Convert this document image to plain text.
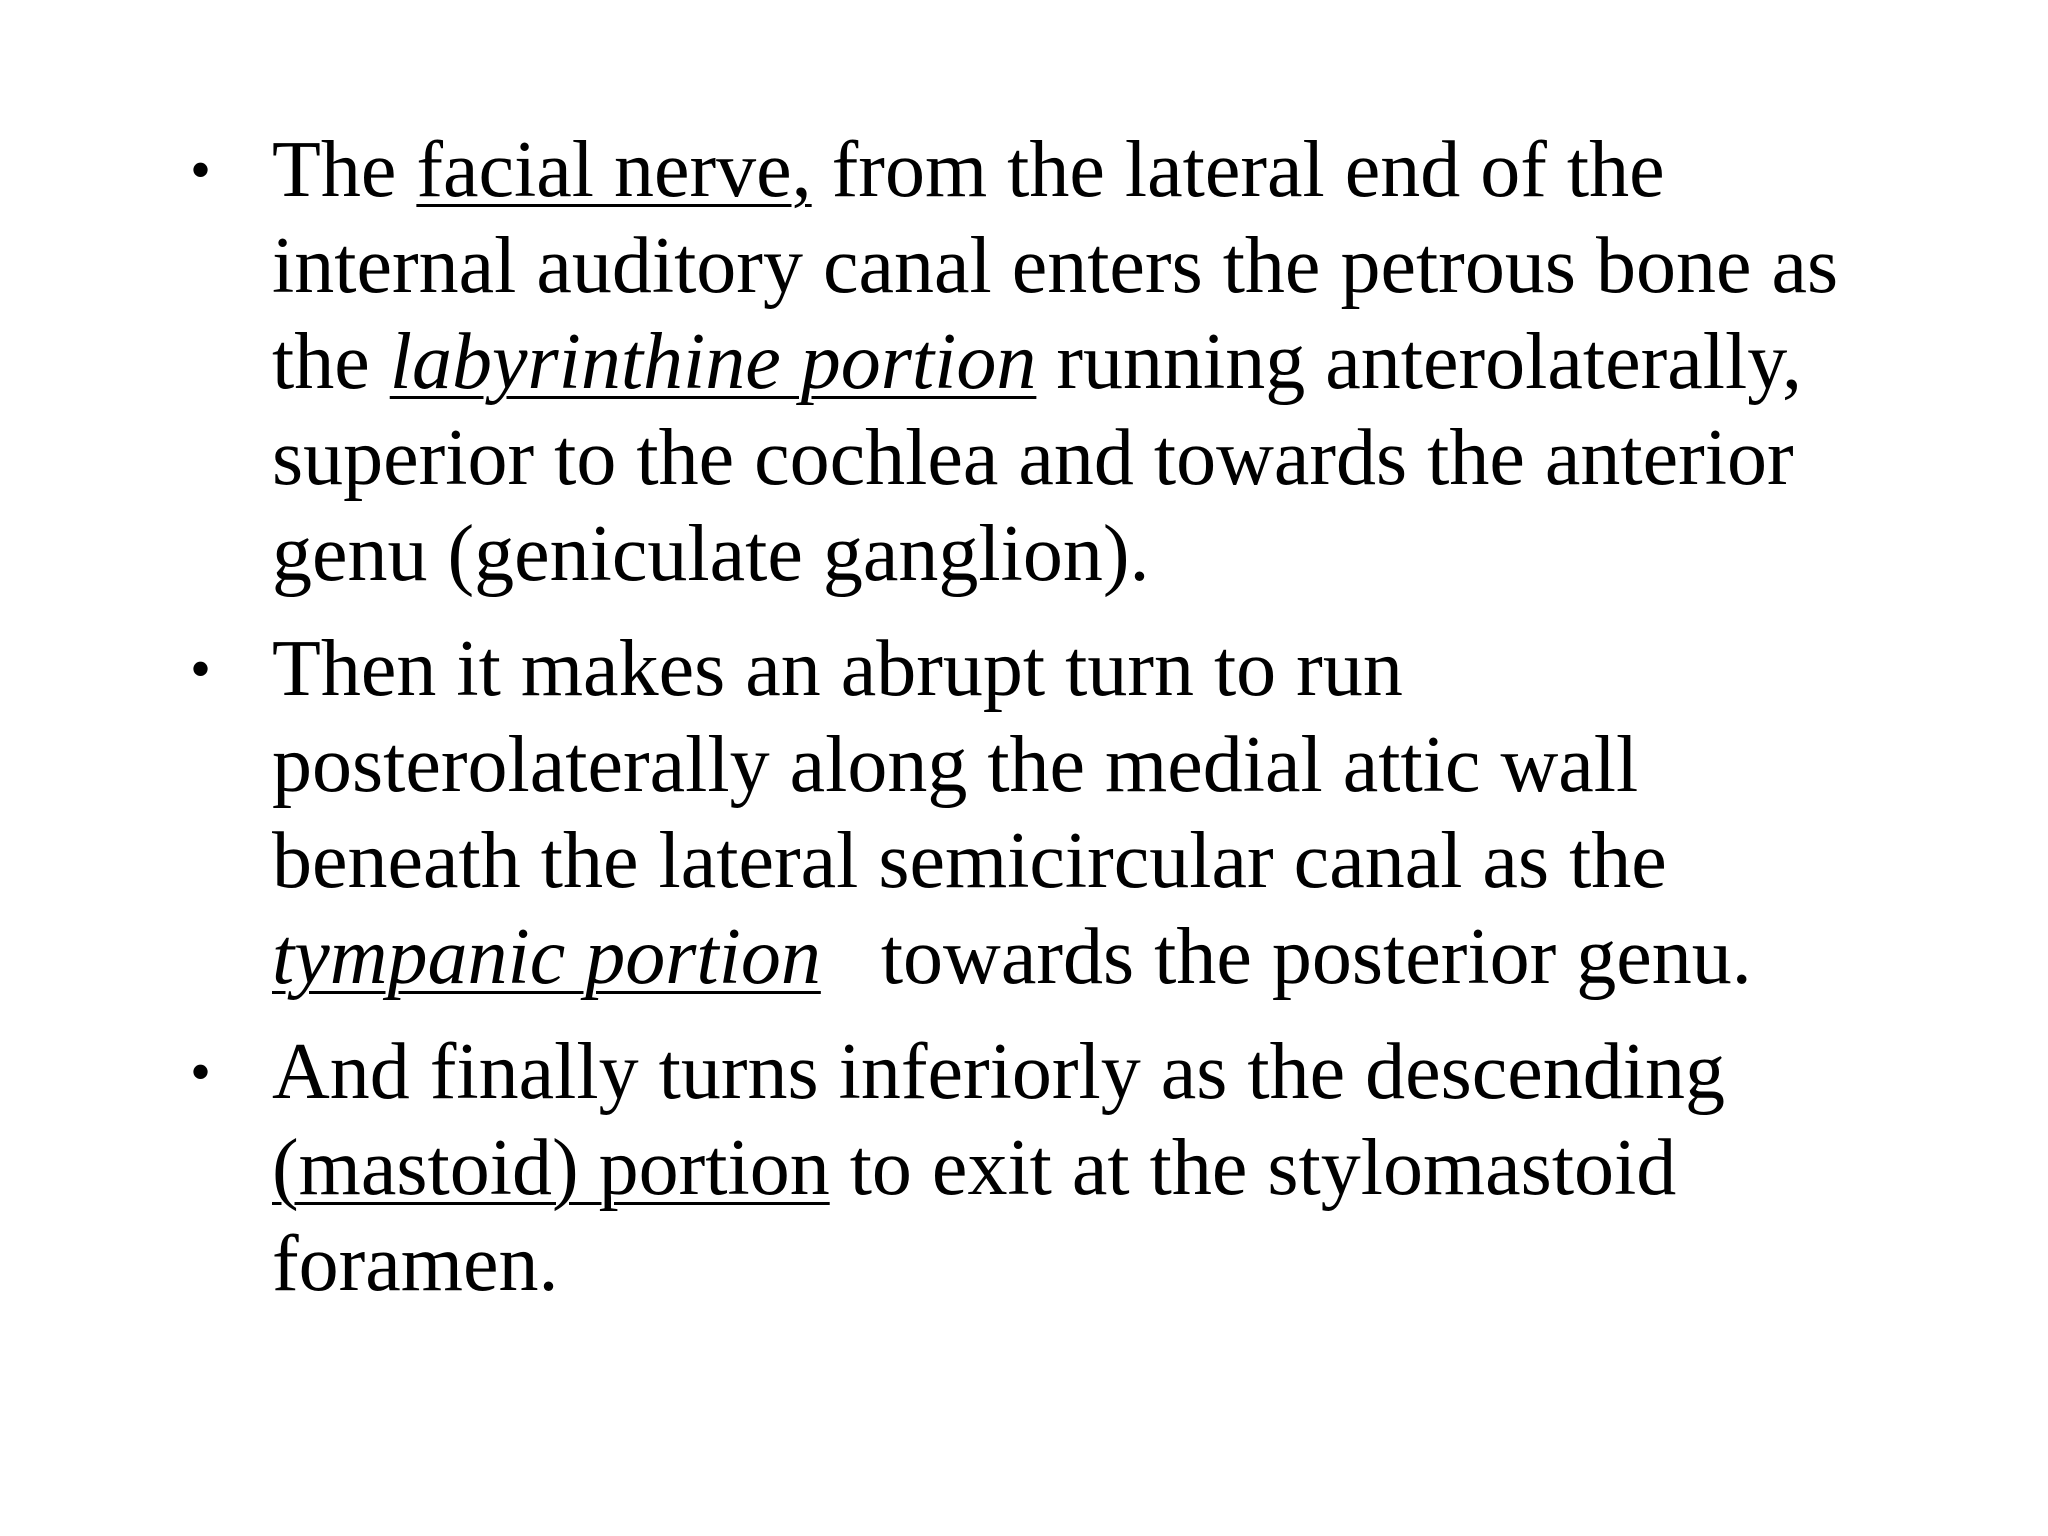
• The facial nerve, from the lateral end of the
internal auditory canal enters the petrous bone as
the labyrinthine portion running anterolaterally,
superior to the cochlea and towards the anterior
genu (geniculate ganglion).
• Then it makes an abrupt turn to run
posterolaterally along the medial attic wall
beneath the lateral semicircular canal as the
tympanic portion   towards the posterior genu.
• And finally turns inferiorly as the descending
(mastoid) portion to exit at the stylomastoid
foramen.
